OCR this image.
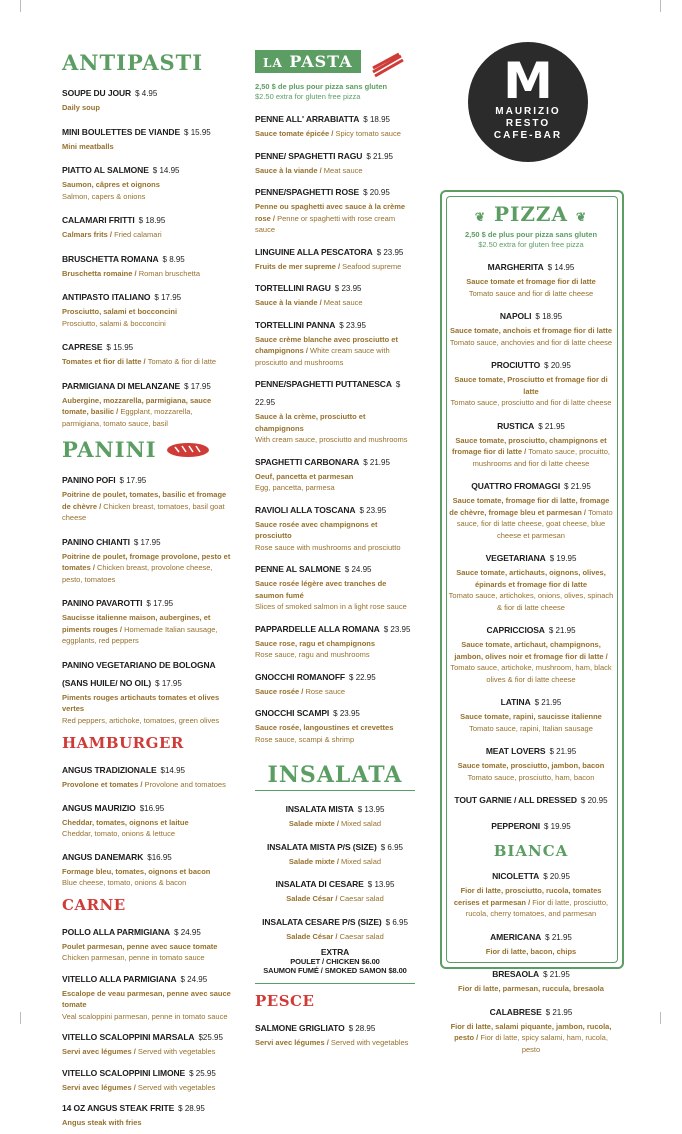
ANTIPASTI
SOUPE DU JOUR $ 4.95
Daily soup
MINI BOULETTES DE VIANDE $ 15.95
Mini meatballs
PIATTO AL SALMONE $ 14.95
Saumon, câpres et oignons
Salmon, capers & onions
CALAMARI FRITTI $ 18.95
Calmars frits / Fried calamari
BRUSCHETTA ROMANA $ 8.95
Bruschetta romaine / Roman bruschetta
ANTIPASTO ITALIANO $ 17.95
Prosciutto, salami et bocconcini
Prosciutto, salami & bocconcini
CAPRESE $ 15.95
Tomates et fior di latte / Tomato & fior di latte
PARMIGIANA DI MELANZANE $ 17.95
Aubergine, mozzarella, parmigiana, sauce tomate, basilic / Eggplant, mozzarella, parmigiana, tomato sauce, basil
PANINI
PANINO POFI $ 17.95
Poitrine de poulet, tomates, basilic et fromage de chèvre / Chicken breast, tomatoes, basil goat cheese
PANINO CHIANTI $ 17.95
Poitrine de poulet, fromage provolone, pesto et tomates / Chicken breast, provolone cheese, pesto, tomatoes
PANINO PAVAROTTI $ 17.95
Saucisse italienne maison, aubergines, et piments rouges / Homemade Italian sausage, eggplants, red peppers
PANINO VEGETARIANO DE BOLOGNA (SANS HUILE/ NO OIL) $ 17.95
Piments rouges artichauts tomates et olives vertes
Red peppers, artichoke, tomatoes, green olives
HAMBURGER
ANGUS TRADIZIONALE $14.95
Provolone et tomates / Provolone and tomatoes
ANGUS MAURIZIO $16.95
Cheddar, tomates, oignons et laitue
Cheddar, tomato, onions & lettuce
ANGUS DANEMARK $16.95
Formage bleu, tomates, oignons et bacon
Blue cheese, tomato, onions & bacon
CARNE
POLLO ALLA PARMIGIANA $ 24.95
Poulet parmesan, penne avec sauce tomate
Chicken parmesan, penne in tomato sauce
VITELLO ALLA PARMIGIANA $ 24.95
Escalope de veau parmesan, penne avec sauce tomate
Veal scaloppini parmesan, penne in tomato sauce
VITELLO SCALOPPINI MARSALA $25.95
Servi avec légumes / Served with vegetables
VITELLO SCALOPPINI LIMONE $ 25.95
Servi avec légumes / Served with vegetables
14 OZ ANGUS STEAK FRITE $ 28.95
Angus steak with fries
LA PASTA
2,50 $ de plus pour pizza sans gluten
$2.50 extra for gluten free pizza
PENNE ALL' ARRABIATTA $ 18.95
Sauce tomate épicée / Spicy tomato sauce
PENNE/ SPAGHETTI RAGU $ 21.95
Sauce à la viande / Meat sauce
PENNE/SPAGHETTI ROSE $ 20.95
Penne ou spaghetti avec sauce à la crème rose / Penne or spaghetti with rose cream sauce
LINGUINE ALLA PESCATORA $ 23.95
Fruits de mer supreme / Seafood supreme
TORTELLINI RAGU $ 23.95
Sauce à la viande / Meat sauce
TORTELLINI PANNA $ 23.95
Sauce crème blanche avec prosciutto et champignons / White cream sauce with prosciutto and mushrooms
PENNE/SPAGHETTI PUTTANESCA $ 22.95
Sauce à la crème, prosciutto et champignons
With cream sauce, prosciutto and mushrooms
SPAGHETTI CARBONARA $ 21.95
Oeuf, pancetta et parmesan
Egg, pancetta, parmesa
RAVIOLI ALLA TOSCANA $ 23.95
Sauce rosée avec champignons et prosciutto
Rose sauce with mushrooms and prosciutto
PENNE AL SALMONE $ 24.95
Sauce rosée légère avec tranches de saumon fumé
Slices of smoked salmon in a light rose sauce
PAPPARDELLE ALLA ROMANA $ 23.95
Sauce rose, ragu et champignons
Rose sauce, ragu and mushrooms
GNOCCHI ROMANOFF $ 22.95
Sauce rosée / Rose sauce
GNOCCHI SCAMPI $ 23.95
Sauce rosée, langoustines et crevettes
Rose sauce, scampi & shrimp
INSALATA
INSALATA MISTA $ 13.95
Salade mixte / Mixed salad
INSALATA MISTA P/S (SIZE) $ 6.95
Salade mixte / Mixed salad
INSALATA DI CESARE $ 13.95
Salade César / Caesar salad
INSALATA CESARE P/S (SIZE) $ 6.95
Salade César / Caesar salad
EXTRA
POULET / CHICKEN $6.00
SAUMON FUMÉ / SMOKED SAMON $8.00
PESCE
SALMONE GRIGLIATO $ 28.95
Servi avec légumes / Served with vegetables
M
MAURIZIO
RESTO
CAFE-BAR
❦ PIZZA ❦
2,50 $ de plus pour pizza sans gluten
$2.50 extra for gluten free pizza
MARGHERITA $ 14.95
Sauce tomate et fromage fior di latte
Tomato sauce and fior di latte cheese
NAPOLI $ 18.95
Sauce tomate, anchois et fromage fior di latte
Tomato sauce, anchovies and fior di latte cheese
PROCIUTTO $ 20.95
Sauce tomate, Prosciutto et fromage fior di latte
Tomato sauce, prosciutto and fior di latte cheese
RUSTICA $ 21.95
Sauce tomate, prosciutto, champignons et fromage fior di latte / Tomato sauce, procuitto, mushrooms and fior di latte cheese
QUATTRO FROMAGGI $ 21.95
Sauce tomate, fromage fior di latte, fromage de chèvre, fromage bleu et parmesan / Tomato sauce, fior di latte cheese, goat cheese, blue cheese et parmesan
VEGETARIANA $ 19.95
Sauce tomate, artichauts, oignons, olives, épinards et fromage fior di latte
Tomato sauce, artichokes, onions, olives, spinach & fior di latte cheese
CAPRICCIOSA $ 21.95
Sauce tomate, artichaut, champignons, jambon, olives noir et fromage fior di latte / Tomato sauce, artichoke, mushroom, ham, black olives & fior di latte cheese
LATINA $ 21.95
Sauce tomate, rapini, saucisse italienne
Tomato sauce, rapini, Italian sausage
MEAT LOVERS $ 21.95
Sauce tomate, prosciutto, jambon, bacon
Tomato sauce, prosciutto, ham, bacon
TOUT GARNIE / ALL DRESSED $ 20.95
PEPPERONI $ 19.95
BIANCA
NICOLETTA $ 20.95
Fior di latte, prosciutto, rucola, tomates cerises et parmesan / Fior di latte, prosciutto, rucola, cherry tomatoes, and parmesan
AMERICANA $ 21.95
Fior di latte, bacon, chips
BRESAOLA $ 21.95
Fior di latte, parmesan, ruccula, bresaola
CALABRESE $ 21.95
Fior di latte, salami piquante, jambon, rucola, pesto / Fior di latte, spicy salami, ham, rucola, pesto
